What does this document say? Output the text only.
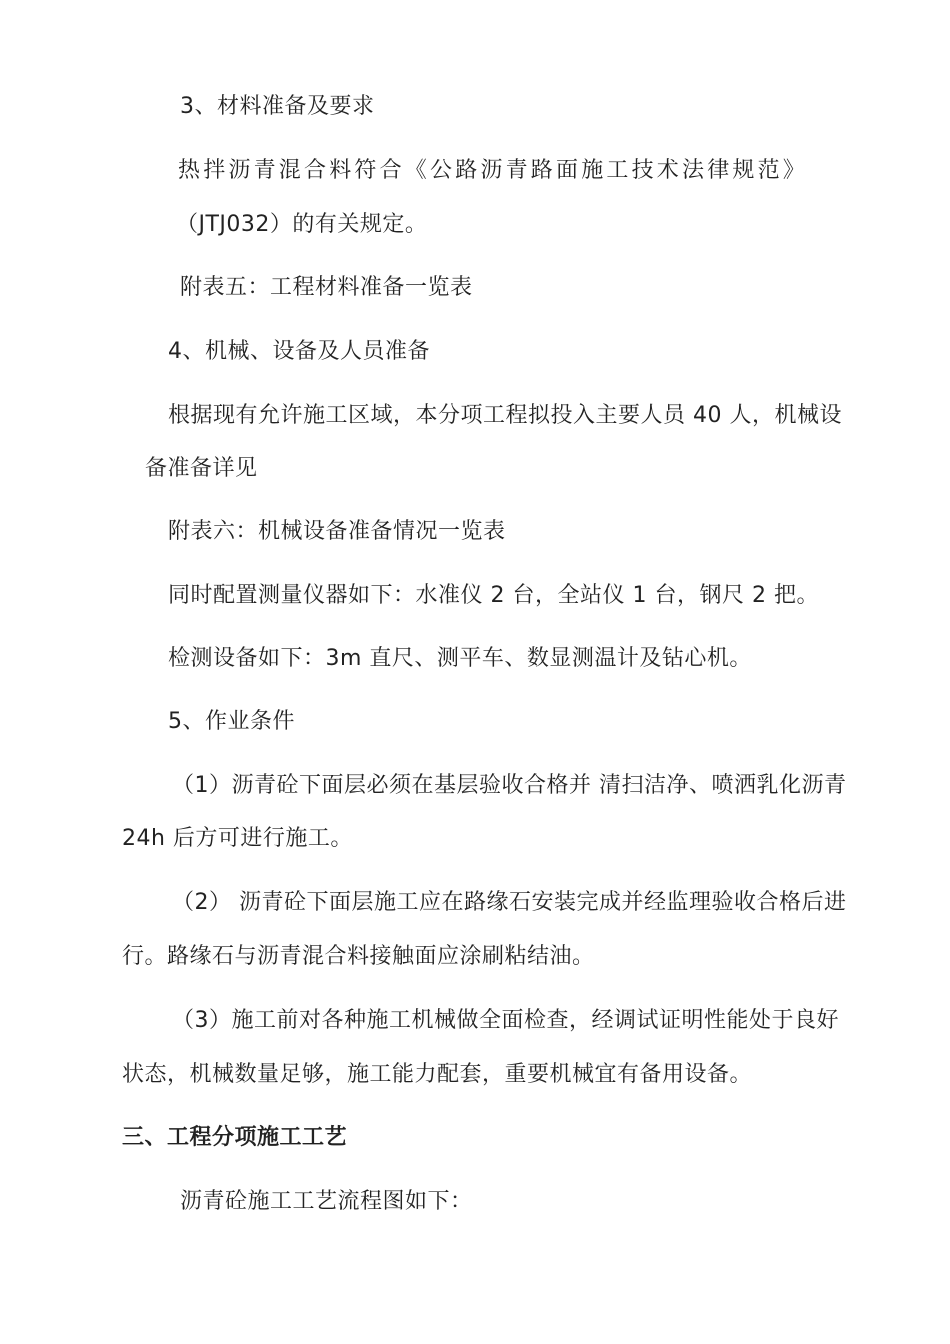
3、材料准备及要求
热拌沥青混合料符合《公路沥青路面施工技术法律规范》
（JTJ032）的有关规定。
附表五：工程材料准备一览表
4、机械、设备及人员准备
根据现有允许施工区域，本分项工程拟投入主要人员 40 人，机械设
备准备详见
附表六：机械设备准备情况一览表
同时配置测量仪器如下：水准仪 2 台，全站仪 1 台，钢尺 2 把。
检测设备如下：3m 直尺、测平车、数显测温计及钻心机。
5、作业条件
（1）沥青砼下面层必须在基层验收合格并 清扫洁净、喷洒乳化沥青
24h 后方可进行施工。
（2） 沥青砼下面层施工应在路缘石安装完成并经监理验收合格后进
行。路缘石与沥青混合料接触面应涂刷粘结油。
（3）施工前对各种施工机械做全面检查，经调试证明性能处于良好
状态，机械数量足够，施工能力配套，重要机械宜有备用设备。
三、工程分项施工工艺
沥青砼施工工艺流程图如下：
